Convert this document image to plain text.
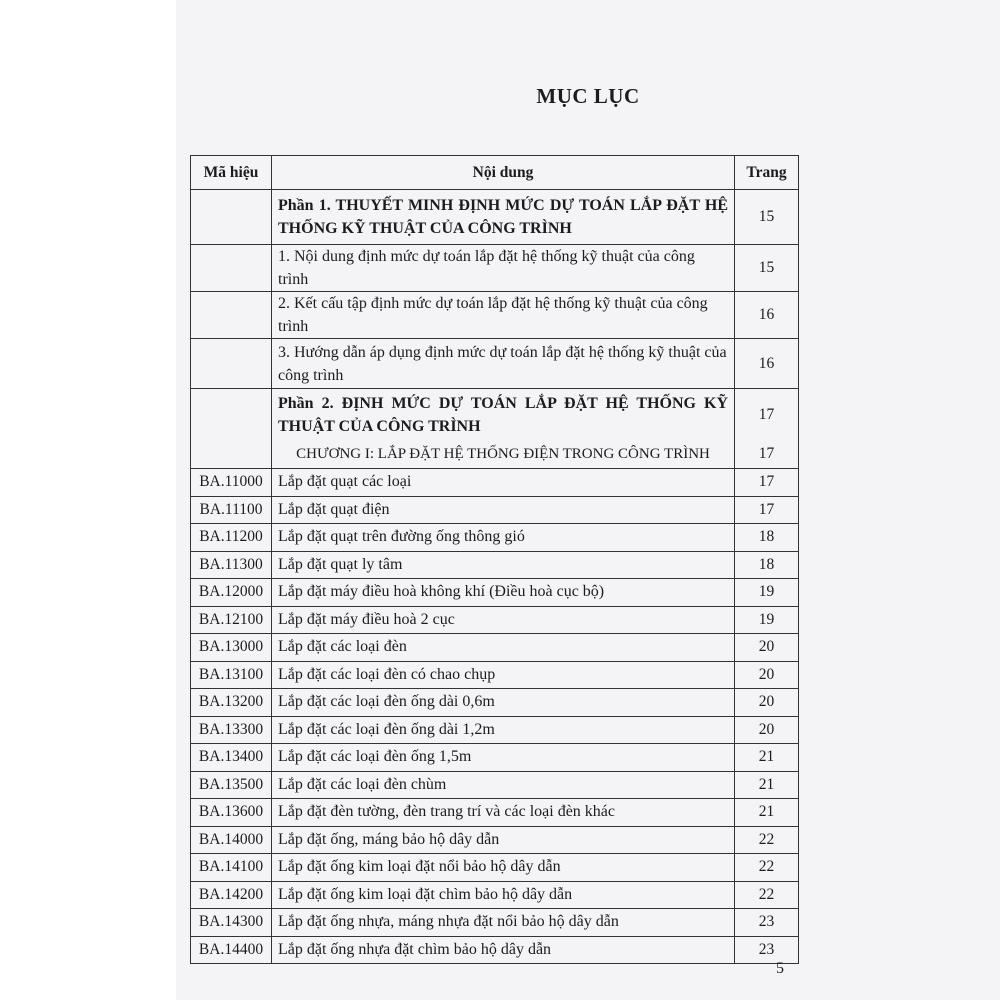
MỤC LỤC
Mã hiệu	Nội dung	Trang
	Phần 1. THUYẾT MINH ĐỊNH MỨC DỰ TOÁN LẮP ĐẶT HỆ THỐNG KỸ THUẬT CỦA CÔNG TRÌNH	15
	1. Nội dung định mức dự toán lắp đặt hệ thống kỹ thuật của công trình	15
	2. Kết cấu tập định mức dự toán lắp đặt hệ thống kỹ thuật của công trình	16
	3. Hướng dẫn áp dụng định mức dự toán lắp đặt hệ thống kỹ thuật của công trình	16
	Phần 2. ĐỊNH MỨC DỰ TOÁN LẮP ĐẶT HỆ THỐNG KỸ THUẬT CỦA CÔNG TRÌNH	17
	CHƯƠNG I: LẮP ĐẶT HỆ THỐNG ĐIỆN TRONG CÔNG TRÌNH	17
BA.11000	Lắp đặt quạt các loại	17
BA.11100	Lắp đặt quạt điện	17
BA.11200	Lắp đặt quạt trên đường ống thông gió	18
BA.11300	Lắp đặt quạt ly tâm	18
BA.12000	Lắp đặt máy điều hoà không khí (Điều hoà cục bộ)	19
BA.12100	Lắp đặt máy điều hoà 2 cục	19
BA.13000	Lắp đặt các loại đèn	20
BA.13100	Lắp đặt các loại đèn có chao chụp	20
BA.13200	Lắp đặt các loại đèn ống dài 0,6m	20
BA.13300	Lắp đặt các loại đèn ống dài 1,2m	20
BA.13400	Lắp đặt các loại đèn ống 1,5m	21
BA.13500	Lắp đặt các loại đèn chùm	21
BA.13600	Lắp đặt đèn tường, đèn trang trí và các loại đèn khác	21
BA.14000	Lắp đặt ống, máng bảo hộ dây dẫn	22
BA.14100	Lắp đặt ống kim loại đặt nổi bảo hộ dây dẫn	22
BA.14200	Lắp đặt ống kim loại đặt chìm bảo hộ dây dẫn	22
BA.14300	Lắp đặt ống nhựa, máng nhựa đặt nổi bảo hộ dây dẫn	23
BA.14400	Lắp đặt ống nhựa đặt chìm bảo hộ dây dẫn	23
5
